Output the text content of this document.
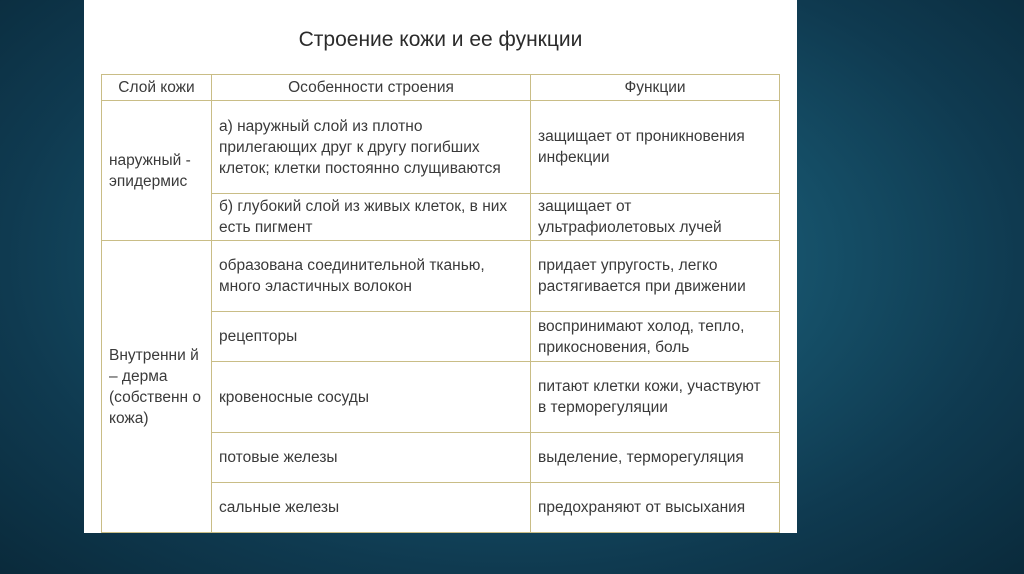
Строение кожи и ее функции
Слой кожи	Особенности строения	Функции
наружный - эпидермис	а) наружный слой из плотно прилегающих друг к другу погибших клеток; клетки постоянно слущиваются	защищает от проникновения инфекции
	б) глубокий слой из живых клеток, в них есть пигмент	защищает от ультрафиолетовых лучей
Внутренни й – дерма (собственн о кожа)	образована соединительной тканью, много эластичных волокон	придает упругость, легко растягивается при движении
	рецепторы	воспринимают холод, тепло, прикосновения, боль
	кровеносные сосуды	питают клетки кожи, участвуют в терморегуляции
	потовые железы	выделение, терморегуляция
	сальные железы	предохраняют от высыхания
